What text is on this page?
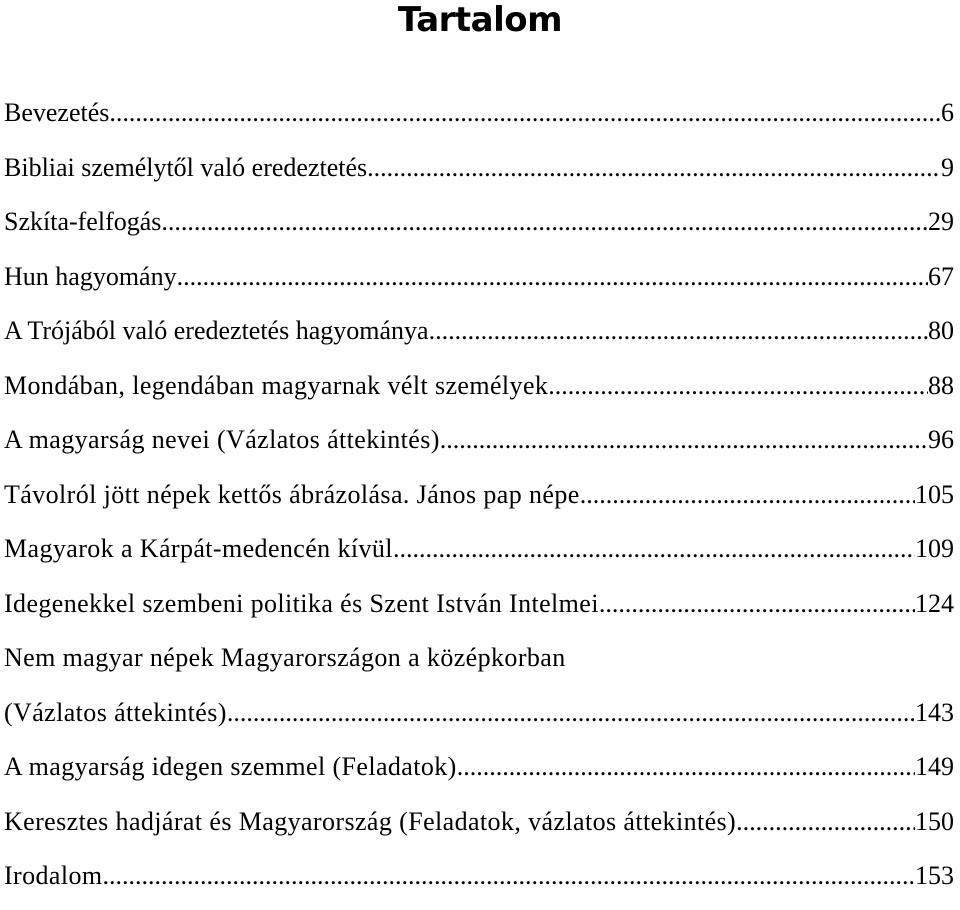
Tartalom
Bevezetés .....	6
Bibliai személytől való eredeztetés .....	9
Szkíta-felfogás .....	29
Hun hagyomány .....	67
A Trójából való eredeztetés hagyománya .....	80
Mondában, legendában magyarnak vélt személyek .....	88
A magyarság nevei (Vázlatos áttekintés) .....	96
Távolról jött népek kettős ábrázolása. János pap népe .....	105
Magyarok a Kárpát-medencén kívül .....	109
Idegenekkel szembeni politika és Szent István Intelmei .....	124
Nem magyar népek Magyarországon a középkorban
(Vázlatos áttekintés) .....	143
A magyarság idegen szemmel (Feladatok) .....	149
Keresztes hadjárat és Magyarország (Feladatok, vázlatos áttekintés) .....	150
Irodalom .....	153
